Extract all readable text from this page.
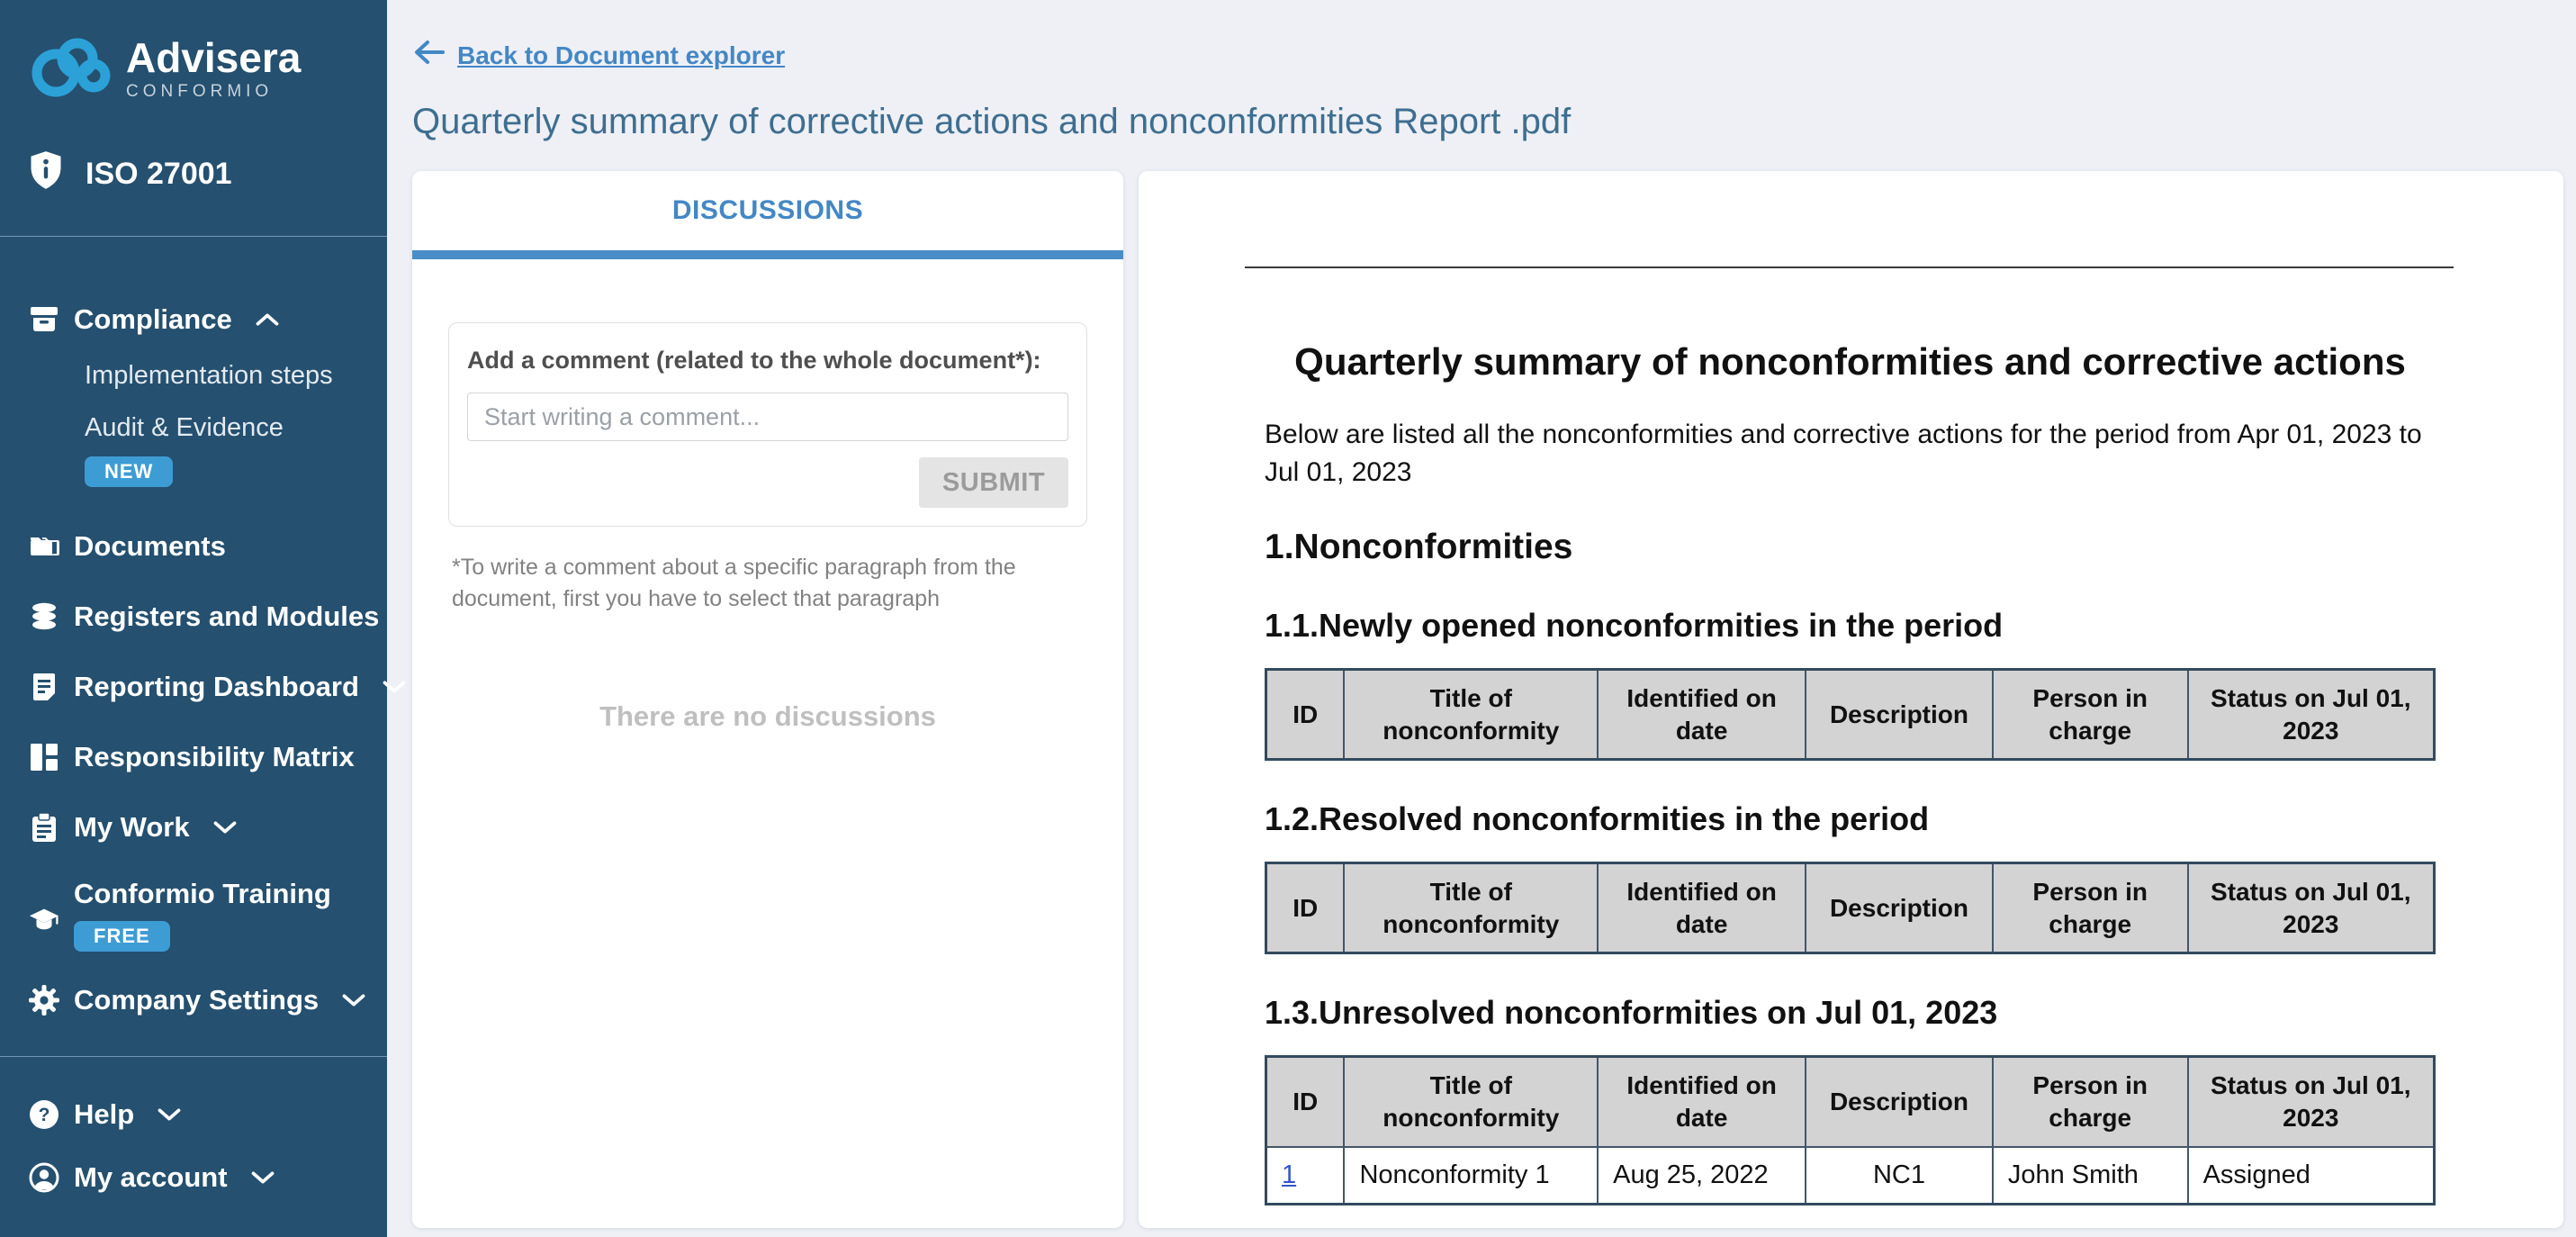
Advisera
CONFORMIO
ISO 27001
Compliance
Implementation steps
Audit & Evidence
NEW
Documents
Registers and Modules
Reporting Dashboard
Responsibility Matrix
My Work
Conformio Training
FREE
Company Settings
? Help
My account
Back to Document explorer
Quarterly summary of corrective actions and nonconformities Report .pdf
DISCUSSIONS
Add a comment (related to the whole document*):
Start writing a comment...
SUBMIT
*To write a comment about a specific paragraph from the document, first you have to select that paragraph
There are no discussions
Quarterly summary of nonconformities and corrective actions
Below are listed all the nonconformities and corrective actions for the period from Apr 01, 2023 to Jul 01, 2023
1.Nonconformities
1.1.Newly opened nonconformities in the period
ID	Title of nonconformity	Identified on date	Description	Person in charge	Status on Jul 01, 2023
1.2.Resolved nonconformities in the period
ID	Title of nonconformity	Identified on date	Description	Person in charge	Status on Jul 01, 2023
1.3.Unresolved nonconformities on Jul 01, 2023
ID	Title of nonconformity	Identified on date	Description	Person in charge	Status on Jul 01, 2023
1	Nonconformity 1	Aug 25, 2022	NC1	John Smith	Assigned
